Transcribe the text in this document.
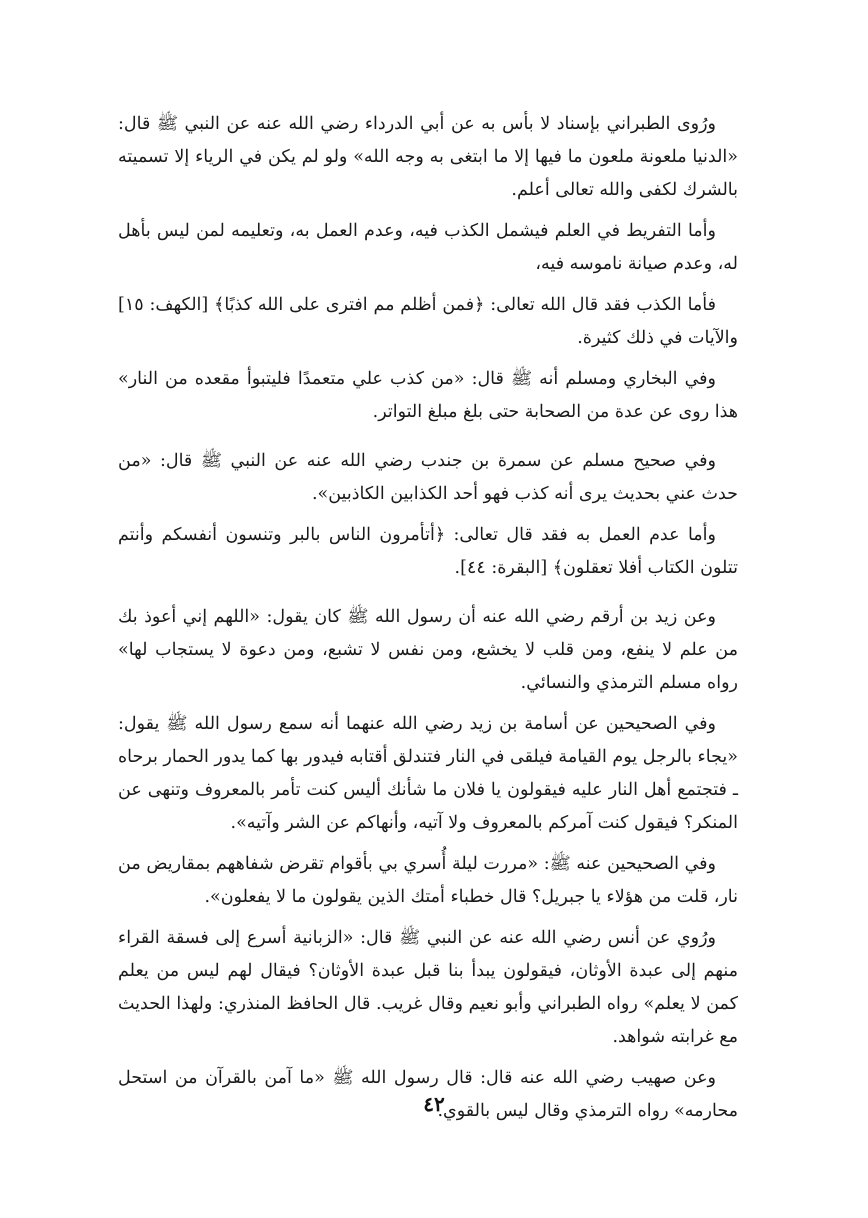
ورُوى الطبراني بإسناد لا بأس به عن أبي الدرداء رضي الله عنه عن النبي ﷺ قال: «الدنيا ملعونة ملعون ما فيها إلا ما ابتغى به وجه الله» ولو لم يكن في الرياء إلا تسميته بالشرك لكفى والله تعالى أعلم.

وأما التفريط في العلم فيشمل الكذب فيه، وعدم العمل به، وتعليمه لمن ليس بأهل له، وعدم صيانة ناموسه فيه،

فأما الكذب فقد قال الله تعالى: ﴿فمن أظلم مم افترى على الله كذبًا﴾ [الكهف: ١٥] والآيات في ذلك كثيرة.

وفي البخاري ومسلم أنه ﷺ قال: «من كذب علي متعمدًا فليتبوأ مقعده من النار» هذا روى عن عدة من الصحابة حتى بلغ مبلغ التواتر.

وفي صحيح مسلم عن سمرة بن جندب رضي الله عنه عن النبي ﷺ قال: «من حدث عني بحديث يرى أنه كذب فهو أحد الكذابين الكاذبين».

وأما عدم العمل به فقد قال تعالى: ﴿أتأمرون الناس بالبر وتنسون أنفسكم وأنتم تتلون الكتاب أفلا تعقلون﴾ [البقرة: ٤٤].

وعن زيد بن أرقم رضي الله عنه أن رسول الله ﷺ كان يقول: «اللهم إني أعوذ بك من علم لا ينفع، ومن قلب لا يخشع، ومن نفس لا تشبع، ومن دعوة لا يستجاب لها» رواه مسلم الترمذي والنسائي.

وفي الصحيحين عن أسامة بن زيد رضي الله عنهما أنه سمع رسول الله ﷺ يقول: «يجاء بالرجل يوم القيامة فيلقى في النار فتندلق أقتابه فيدور بها كما يدور الحمار برحاه ـ فتجتمع أهل النار عليه فيقولون يا فلان ما شأنك أليس كنت تأمر بالمعروف وتنهى عن المنكر؟ فيقول كنت آمركم بالمعروف ولا آتيه، وأنهاكم عن الشر وآتيه».

وفي الصحيحين عنه ﷺ: «مررت ليلة أُسري بي بأقوام تقرض شفاههم بمقاريض من نار، قلت من هؤلاء يا جبريل؟ قال خطباء أمتك الذين يقولون ما لا يفعلون».

ورُوي عن أنس رضي الله عنه عن النبي ﷺ قال: «الزبانية أسرع إلى فسقة القراء منهم إلى عبدة الأوثان، فيقولون يبدأ بنا قبل عبدة الأوثان؟ فيقال لهم ليس من يعلم كمن لا يعلم» رواه الطبراني وأبو نعيم وقال غريب. قال الحافظ المنذري: ولهذا الحديث مع غرابته شواهد.

وعن صهيب رضي الله عنه قال: قال رسول الله ﷺ «ما آمن بالقرآن من استحل محارمه» رواه الترمذي وقال ليس بالقوي.

٤٢
